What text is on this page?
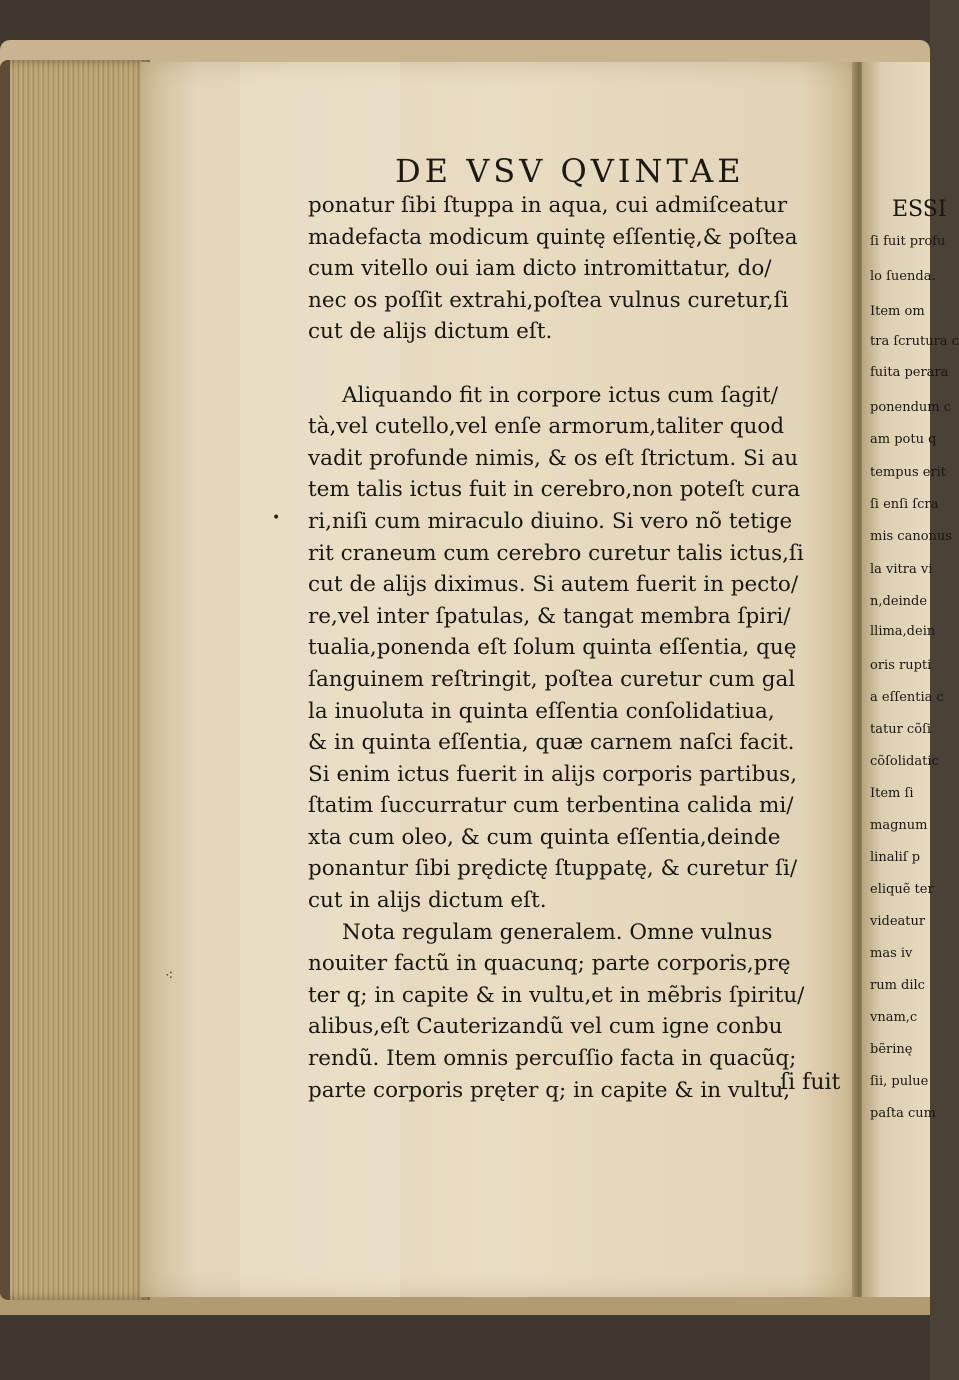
DE VSV QVINTAE
ponatur ſibi ſtuppa in aqua, cui admiſceatur
madefacta modicum quintę eſſentię,& poſtea
cum vitello oui iam dicto intromittatur, do/
nec os poſſit extrahi,poſtea vulnus curetur,ſi
cut de alijs dictum eſt.
Aliquando fit in corpore ictus cum ſagit/
tà,vel cutello,vel enſe armorum,taliter quod
vadit profunde nimis, & os eſt ſtrictum. Si au
tem talis ictus fuit in cerebro,non poteſt cura
ri,niſi cum miraculo diuino. Si vero nõ tetige
rit craneum cum cerebro curetur talis ictus,ſi
cut de alijs diximus. Si autem fuerit in pecto/
re,vel inter ſpatulas, & tangat membra ſpiri/
tualia,ponenda eſt ſolum quinta eſſentia, quę
ſanguinem reſtringit, poſtea curetur cum gal
la inuoluta in quinta eſſentia conſolidatiua,
& in quinta eſſentia, quæ carnem naſci facit.
Si enim ictus fuerit in alijs corporis partibus,
ſtatim ſuccurratur cum terbentina calida mi/
xta cum oleo, & cum quinta eſſentia,deinde
ponantur ſibi prędictę ſtuppatę, & curetur ſi/
cut in alijs dictum eſt.
Nota regulam generalem. Omne vulnus
nouiter factũ in quacunq; parte corporis,prę
ter q; in capite & in vultu,et in mẽbris ſpiritu/
alibus,eſt Cauterizandũ vel cum igne conbu
rendũ. Item omnis percuſſio facta in quacũq;
parte corporis pręter q; in capite & in vultu,
ſi fuit
•
⁖
ESSI
ſi fuit profu
lo ſuenda.
Item om
tra ſcrutura c
fuita perara
ponendum c
am potu q
tempus erit
ſi enſi ſcra
mis canonus
la vitra vi
n,deinde
llima,dein
oris rupti
a eſſentia c
tatur cõſi
cõſolidatic
Item ſi
magnum
linaliſ p
eliquẽ ter
videatur
mas iv
rum dilc
vnam,c
bẽrinę
ſii, pulue
paſta cum
